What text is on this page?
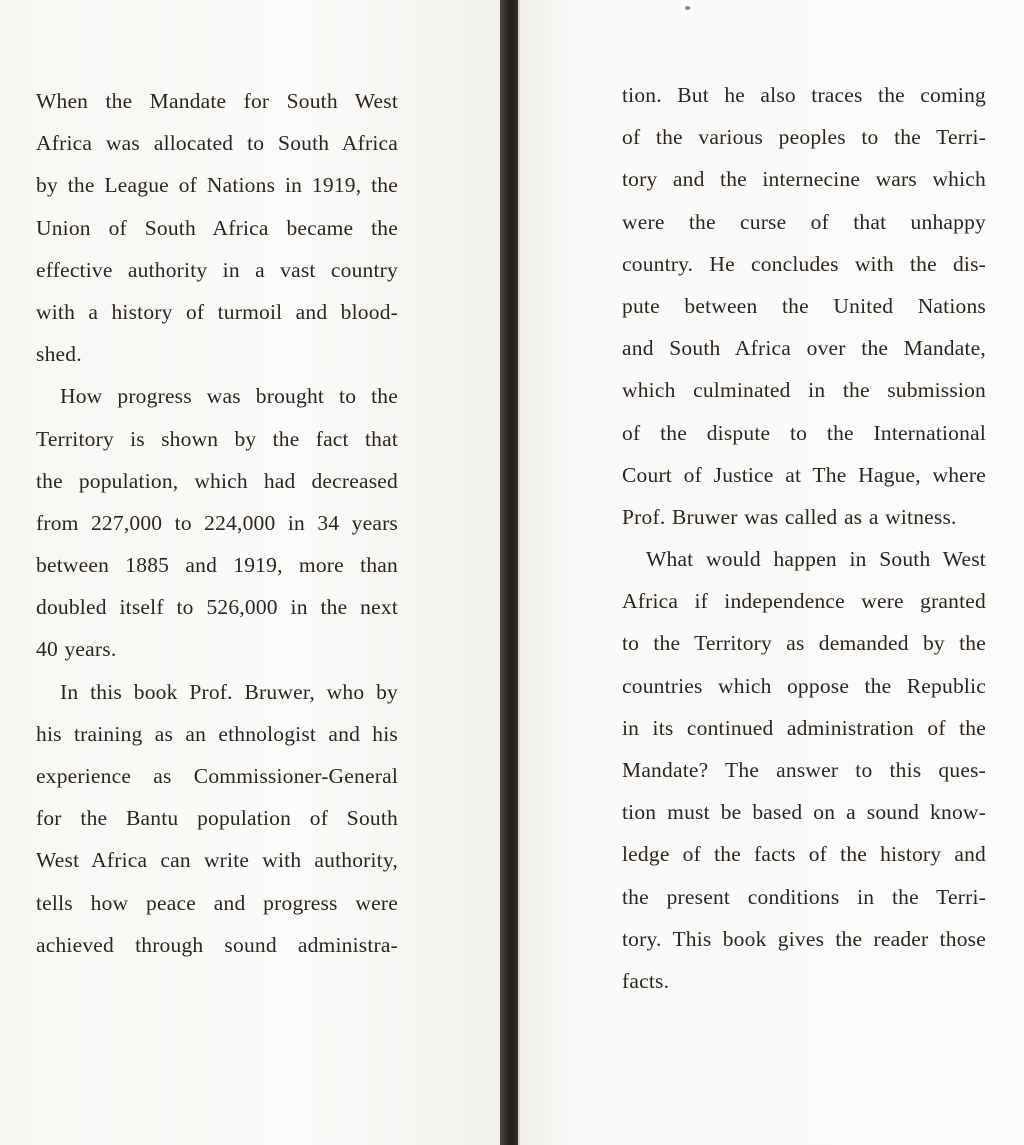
When the Mandate for South West
Africa was allocated to South Africa
by the League of Nations in 1919, the
Union of South Africa became the
effective authority in a vast country
with a history of turmoil and blood-
shed.
How progress was brought to the
Territory is shown by the fact that
the population, which had decreased
from 227,000 to 224,000 in 34 years
between 1885 and 1919, more than
doubled itself to 526,000 in the next
40 years.
In this book Prof. Bruwer, who by
his training as an ethnologist and his
experience as Commissioner-General
for the Bantu population of South
West Africa can write with authority,
tells how peace and progress were
achieved through sound administra-
tion. But he also traces the coming
of the various peoples to the Terri-
tory and the internecine wars which
were the curse of that unhappy
country. He concludes with the dis-
pute between the United Nations
and South Africa over the Mandate,
which culminated in the submission
of the dispute to the International
Court of Justice at The Hague, where
Prof. Bruwer was called as a witness.
What would happen in South West
Africa if independence were granted
to the Territory as demanded by the
countries which oppose the Republic
in its continued administration of the
Mandate? The answer to this ques-
tion must be based on a sound know-
ledge of the facts of the history and
the present conditions in the Terri-
tory. This book gives the reader those
facts.
